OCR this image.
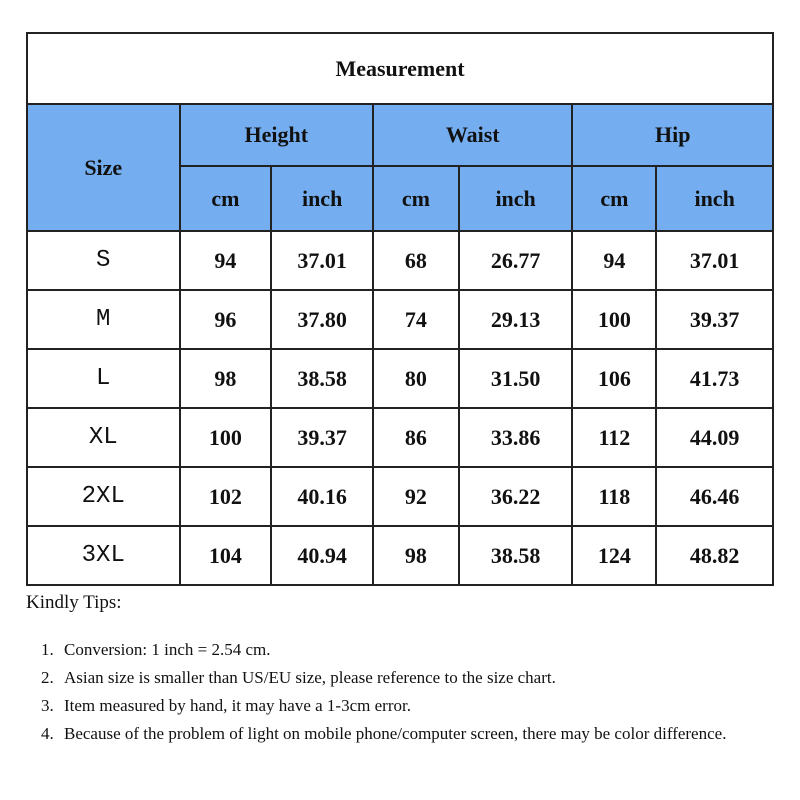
Measurement						
Size	Height		Waist		Hip	
	cm	inch	cm	inch	cm	inch
S	94	37.01	68	26.77	94	37.01
M	96	37.80	74	29.13	100	39.37
L	98	38.58	80	31.50	106	41.73
XL	100	39.37	86	33.86	112	44.09
2XL	102	40.16	92	36.22	118	46.46
3XL	104	40.94	98	38.58	124	48.82
Kindly Tips:
1. Conversion: 1 inch = 2.54 cm.
2. Asian size is smaller than US/EU size, please reference to the size chart.
3. Item measured by hand, it may have a 1-3cm error.
4. Because of the problem of light on mobile phone/computer screen, there may be color difference.
